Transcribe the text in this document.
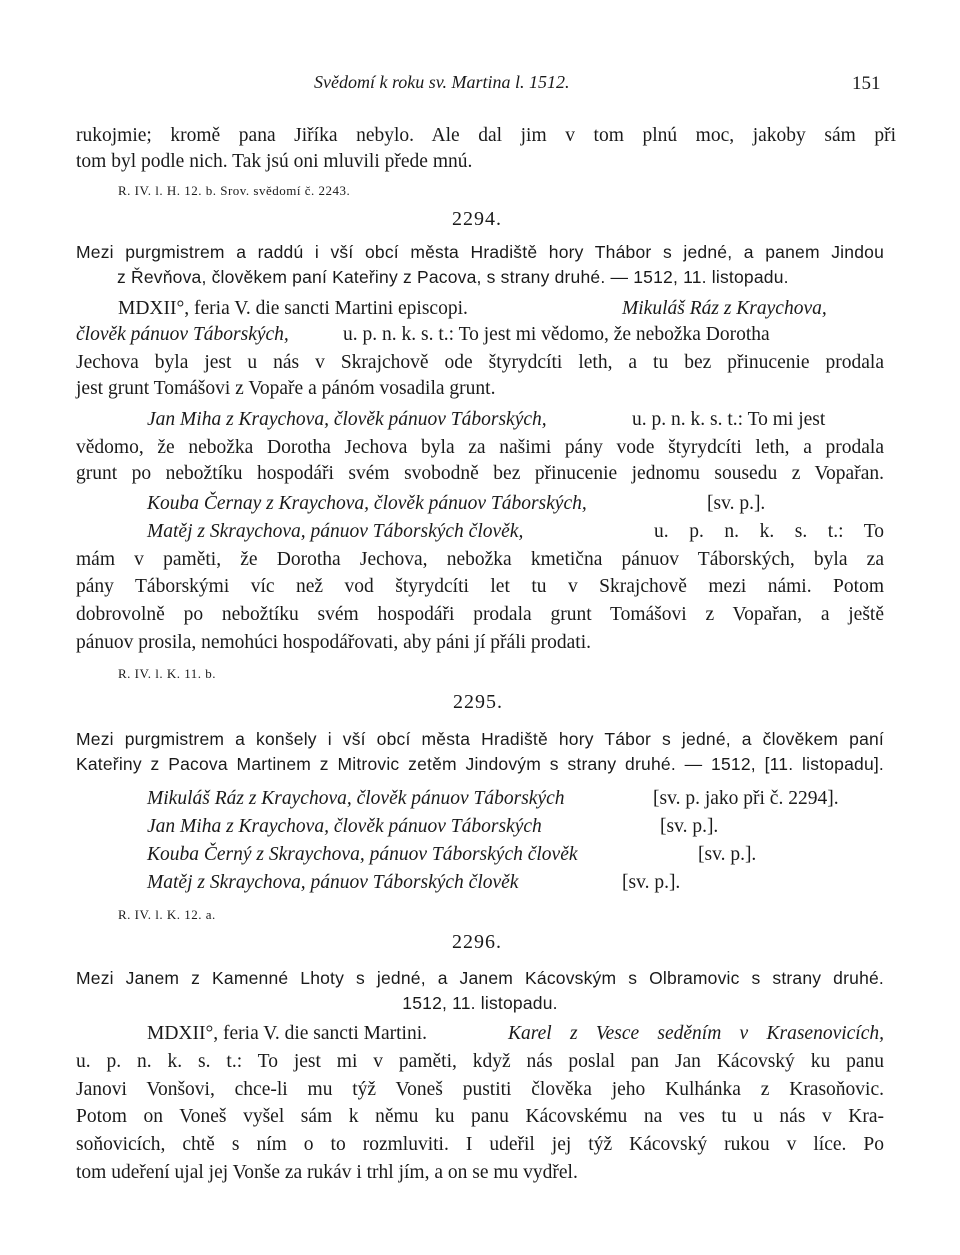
Svědomí k roku sv. Martina l. 1512.	151
rukojmie; kromě pana Jiříka nebylo. Ale dal jim v tom plnú moc, jakoby sám při
tom byl podle nich. Tak jsú oni mluvili přede mnú.
R. IV. l. H. 12. b. Srov. svědomí č. 2243.
2294.
Mezi purgmistrem a raddú i vší obcí města Hradiště hory Thábor s jedné, a panem Jindou
z Řevňova, člověkem paní Kateřiny z Pacova, s strany druhé. — 1512, 11. listopadu.
MDXII°, feria V. die sancti Martini episcopi.	Mikuláš Ráz z Kraychova,
člověk pánuov Táborských,	u. p. n. k. s. t.: To jest mi vědomo, že nebožka Dorotha
Jechova byla jest u nás v Skrajchově ode štyrydcíti leth, a tu bez přinucenie prodala
jest grunt Tomášovi z Vopaře a pánóm vosadila grunt.
Jan Miha z Kraychova, člověk pánuov Táborských,	u. p. n. k. s. t.: To mi jest
vědomo, že nebožka Dorotha Jechova byla za našimi pány vode štyrydcíti leth, a prodala
grunt po nebožtíku hospodáři svém svobodně bez přinucenie jednomu sousedu z Vopařan.
Kouba Černay z Kraychova, člověk pánuov Táborských,	[sv. p.].
Matěj z Skraychova, pánuov Táborských člověk,	u. p. n. k. s. t.: To
mám v paměti, že Dorotha Jechova, nebožka kmetična pánuov Táborských, byla za
pány Táborskými víc než vod štyrydcíti let tu v Skrajchově mezi námi. Potom
dobrovolně po nebožtíku svém hospodáři prodala grunt Tomášovi z Vopařan, a ještě
pánuov prosila, nemohúci hospodářovati, aby páni jí přáli prodati.
R. IV. l. K. 11. b.
2295.
Mezi purgmistrem a konšely i vší obcí města Hradiště hory Tábor s jedné, a člověkem paní
Kateřiny z Pacova Martinem z Mitrovic zetěm Jindovým s strany druhé. — 1512, [11. listopadu].
Mikuláš Ráz z Kraychova, člověk pánuov Táborských	[sv. p. jako při č. 2294].
Jan Miha z Kraychova, člověk pánuov Táborských	[sv. p.].
Kouba Černý z Skraychova, pánuov Táborských člověk	[sv. p.].
Matěj z Skraychova, pánuov Táborských člověk	[sv. p.].
R. IV. l. K. 12. a.
2296.
Mezi Janem z Kamenné Lhoty s jedné, a Janem Kácovským s Olbramovic s strany druhé.
1512, 11. listopadu.
MDXII°, feria V. die sancti Martini.	Karel z Vesce seděním v Krasenovicích,
u. p. n. k. s. t.: To jest mi v paměti, když nás poslal pan Jan Kácovský ku panu
Janovi Vonšovi, chce-li mu týž Voneš pustiti člověka jeho Kulhánka z Krasoňovic.
Potom on Voneš vyšel sám k němu ku panu Kácovskému na ves tu u nás v Kra-
soňovicích, chtě s ním o to rozmluviti. I udeřil jej týž Kácovský rukou v líce. Po
tom udeření ujal jej Vonše za rukáv i trhl jím, a on se mu vydřel.
